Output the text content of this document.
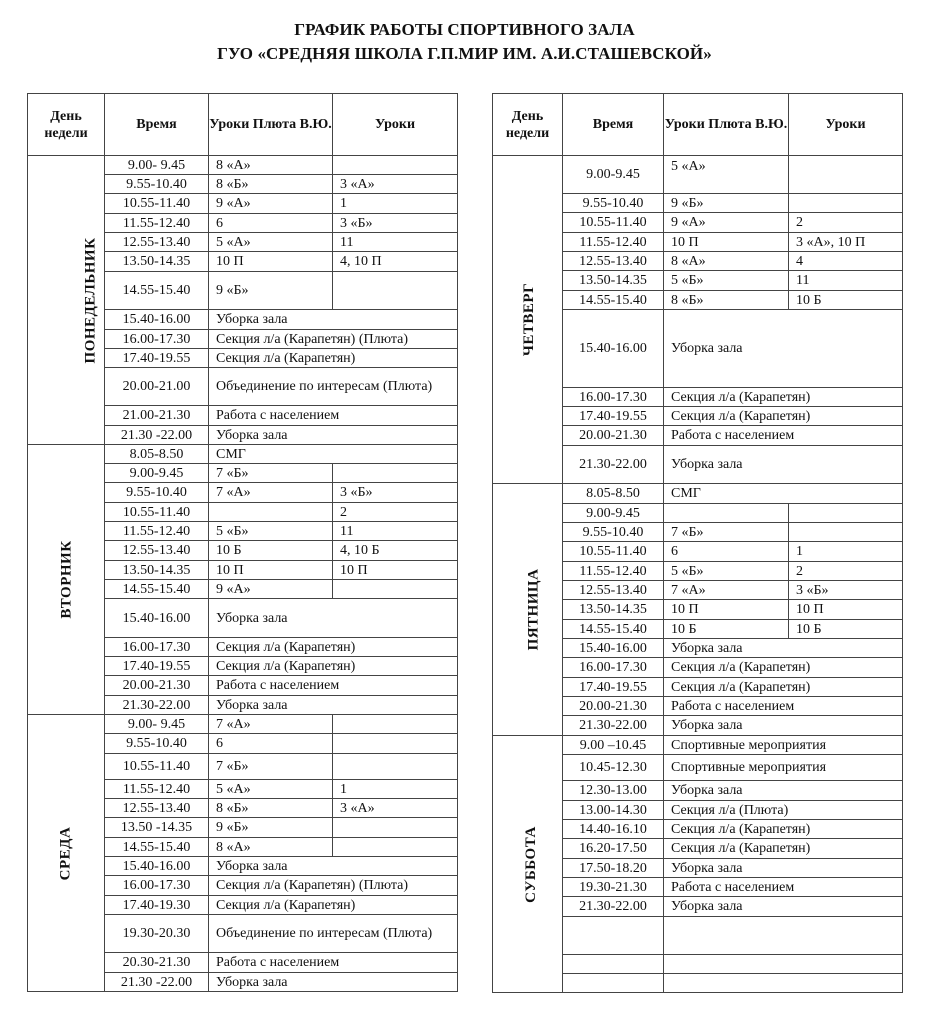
ГРАФИК РАБОТЫ СПОРТИВНОГО ЗАЛА
ГУО «СРЕДНЯЯ ШКОЛА Г.П.МИР ИМ. А.И.СТАШЕВСКОЙ»
День недели	Время	Уроки Плюта В.Ю.	Уроки
ПОНЕДЕЛЬНИК	9.00- 9.45	8 «А»	
	9.55-10.40	8 «Б»	3 «А»
	10.55-11.40	9 «А»	1
	11.55-12.40	6	3 «Б»
	12.55-13.40	5 «А»	11
	13.50-14.35	10 П	4, 10 П
	14.55-15.40	9 «Б»	
	15.40-16.00	Уборка зала	
	16.00-17.30	Секция л/а (Карапетян) (Плюта)	
	17.40-19.55	Секция л/а (Карапетян)	
	20.00-21.00	Объединение по интересам (Плюта)	
	21.00-21.30	Работа с населением	
	21.30 -22.00	Уборка зала	
ВТОРНИК	8.05-8.50	СМГ	
	9.00-9.45	7 «Б»	
	9.55-10.40	7 «А»	3 «Б»
	10.55-11.40		2
	11.55-12.40	5 «Б»	11
	12.55-13.40	10 Б	4, 10 Б
	13.50-14.35	10 П	10 П
	14.55-15.40	9 «А»	
	15.40-16.00	Уборка зала	
	16.00-17.30	Секция л/а (Карапетян)	
	17.40-19.55	Секция л/а (Карапетян)	
	20.00-21.30	Работа с населением	
	21.30-22.00	Уборка зала	
СРЕДА	9.00- 9.45	7 «А»	
	9.55-10.40	6	
	10.55-11.40	7 «Б»	
	11.55-12.40	5 «А»	1
	12.55-13.40	8 «Б»	3 «А»
	13.50 -14.35	9 «Б»	
	14.55-15.40	8 «А»	
	15.40-16.00	Уборка зала	
	16.00-17.30	Секция л/а (Карапетян) (Плюта)	
	17.40-19.30	Секция л/а (Карапетян)	
	19.30-20.30	Объединение по интересам (Плюта)	
	20.30-21.30	Работа с населением	
	21.30 -22.00	Уборка зала	
День недели	Время	Уроки Плюта В.Ю.	Уроки
ЧЕТВЕРГ	9.00-9.45	5 «А»	
	9.55-10.40	9 «Б»	
	10.55-11.40	9 «А»	2
	11.55-12.40	10 П	3 «А», 10 П
	12.55-13.40	8 «А»	4
	13.50-14.35	5 «Б»	11
	14.55-15.40	8 «Б»	10 Б
	15.40-16.00	Уборка зала	
	16.00-17.30	Секция л/а (Карапетян)	
	17.40-19.55	Секция л/а (Карапетян)	
	20.00-21.30	Работа с населением	
	21.30-22.00	Уборка зала	
ПЯТНИЦА	8.05-8.50	СМГ	
	9.00-9.45		
	9.55-10.40	7 «Б»	
	10.55-11.40	6	1
	11.55-12.40	5 «Б»	2
	12.55-13.40	7 «А»	3 «Б»
	13.50-14.35	10 П	10 П
	14.55-15.40	10 Б	10 Б
	15.40-16.00	Уборка зала	
	16.00-17.30	Секция л/а (Карапетян)	
	17.40-19.55	Секция л/а (Карапетян)	
	20.00-21.30	Работа с населением	
	21.30-22.00	Уборка зала	
СУББОТА	9.00 –10.45	Спортивные мероприятия	
	10.45-12.30	Спортивные мероприятия	
	12.30-13.00	Уборка зала	
	13.00-14.30	Секция л/а (Плюта)	
	14.40-16.10	Секция л/а (Карапетян)	
	16.20-17.50	Секция л/а (Карапетян)	
	17.50-18.20	Уборка зала	
	19.30-21.30	Работа с населением	
	21.30-22.00	Уборка зала	
